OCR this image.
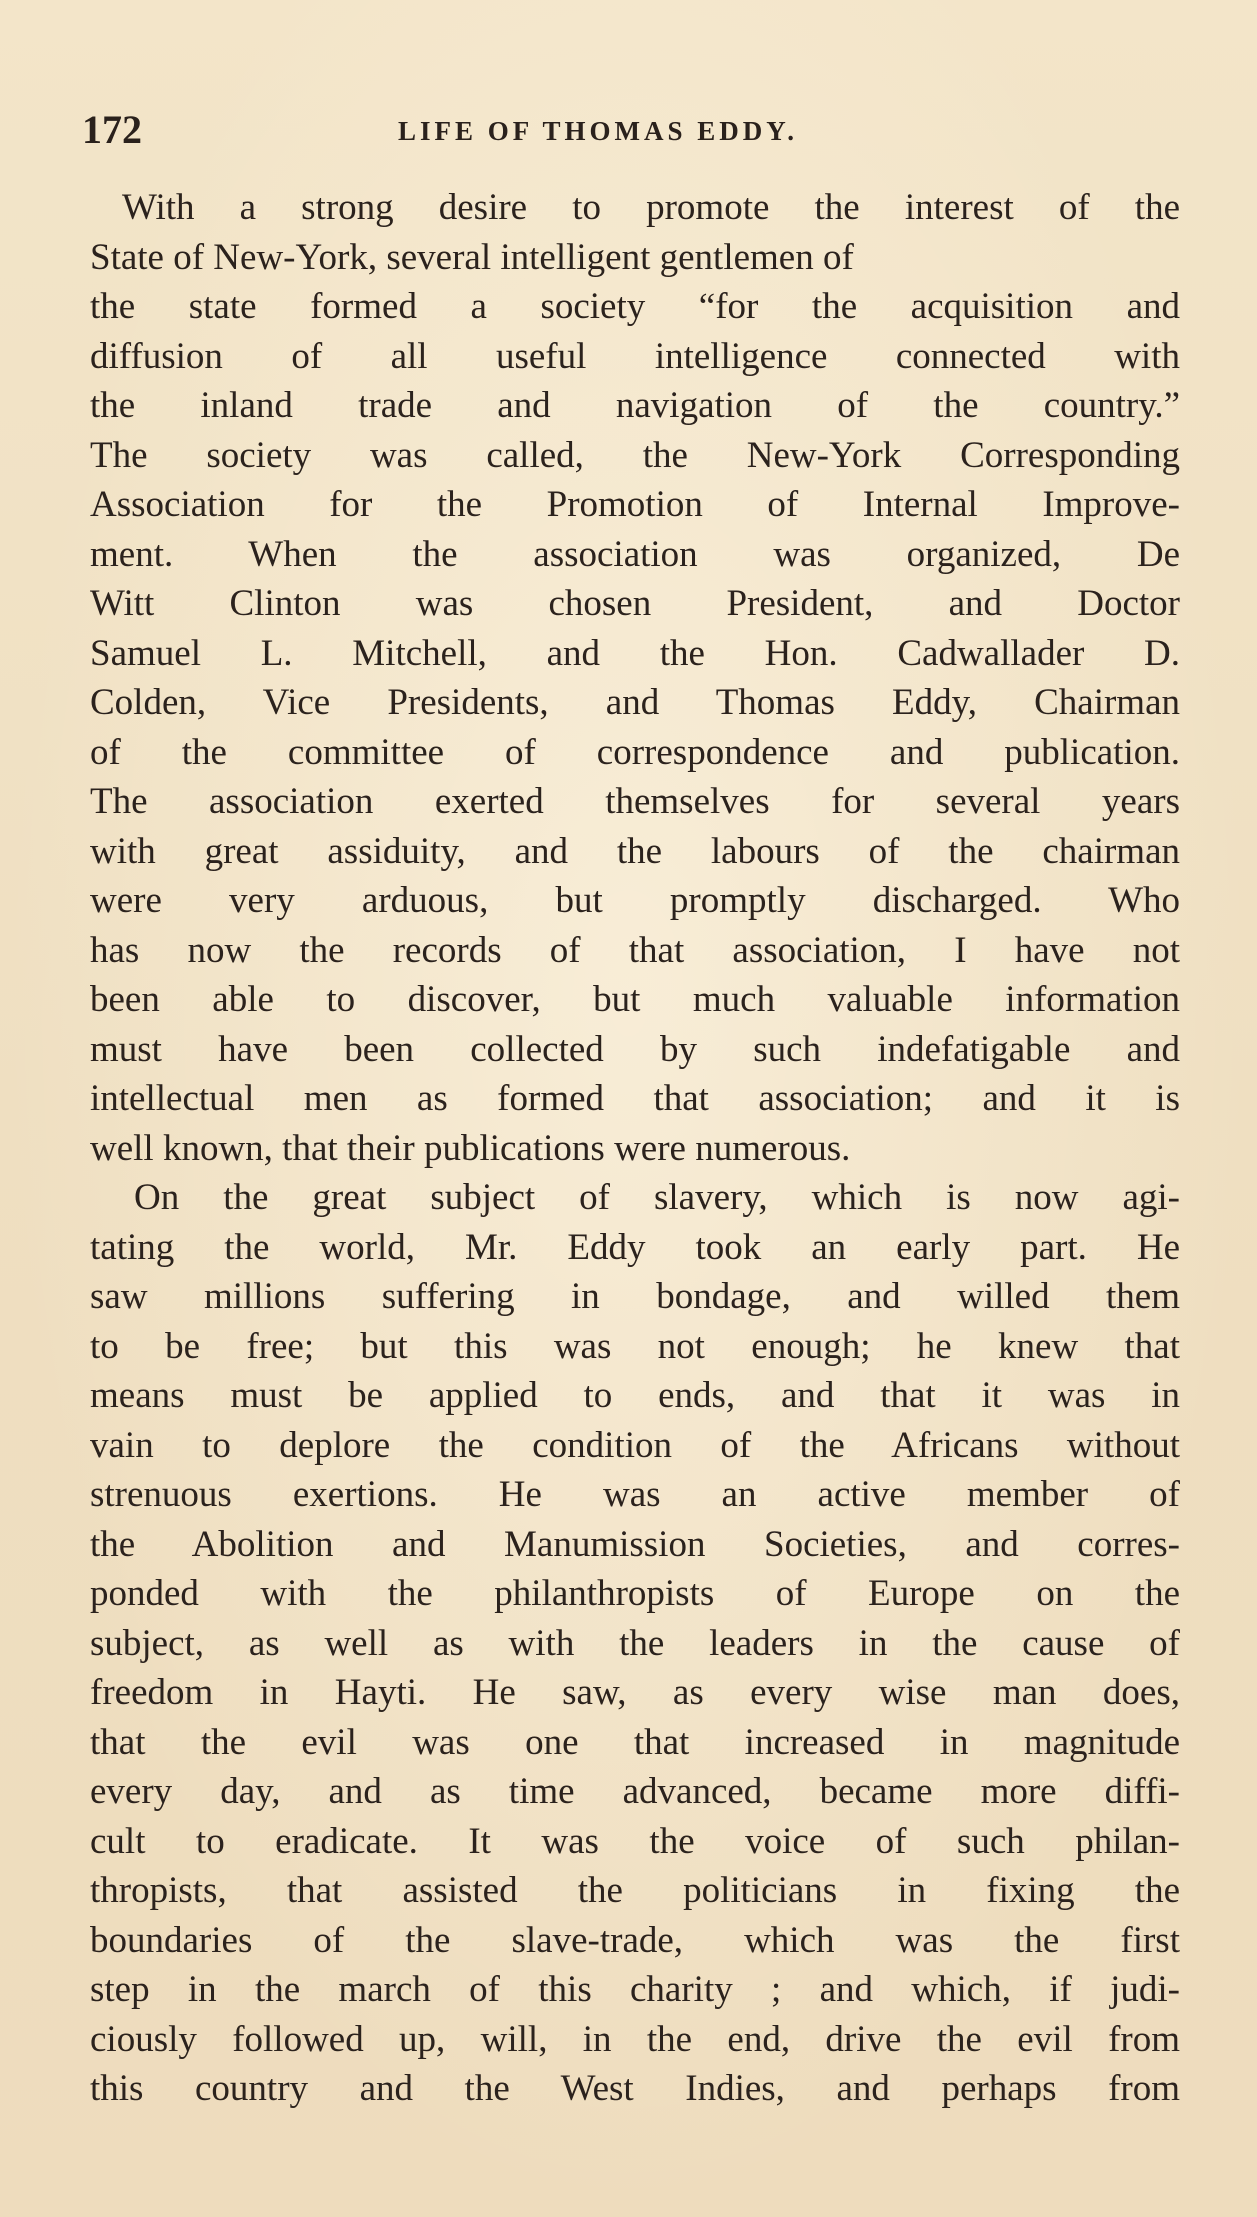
172	LIFE OF THOMAS EDDY.
With a strong desire to promote the interest of the
State of New-York, several intelligent gentlemen of
the state formed a society “for the acquisition and
diffusion of all useful intelligence connected with
the inland trade and navigation of the country.”
The society was called, the New-York Corresponding
Association for the Promotion of Internal Improve-
ment. When the association was organized, De
Witt Clinton was chosen President, and Doctor
Samuel L. Mitchell, and the Hon. Cadwallader D.
Colden, Vice Presidents, and Thomas Eddy, Chairman
of the committee of correspondence and publication.
The association exerted themselves for several years
with great assiduity, and the labours of the chairman
were very arduous, but promptly discharged. Who
has now the records of that association, I have not
been able to discover, but much valuable information
must have been collected by such indefatigable and
intellectual men as formed that association; and it is
well known, that their publications were numerous.
On the great subject of slavery, which is now agi-
tating the world, Mr. Eddy took an early part. He
saw millions suffering in bondage, and willed them
to be free; but this was not enough; he knew that
means must be applied to ends, and that it was in
vain to deplore the condition of the Africans without
strenuous exertions. He was an active member of
the Abolition and Manumission Societies, and corres-
ponded with the philanthropists of Europe on the
subject, as well as with the leaders in the cause of
freedom in Hayti. He saw, as every wise man does,
that the evil was one that increased in magnitude
every day, and as time advanced, became more diffi-
cult to eradicate. It was the voice of such philan-
thropists, that assisted the politicians in fixing the
boundaries of the slave-trade, which was the first
step in the march of this charity ; and which, if judi-
ciously followed up, will, in the end, drive the evil from
this country and the West Indies, and perhaps from
